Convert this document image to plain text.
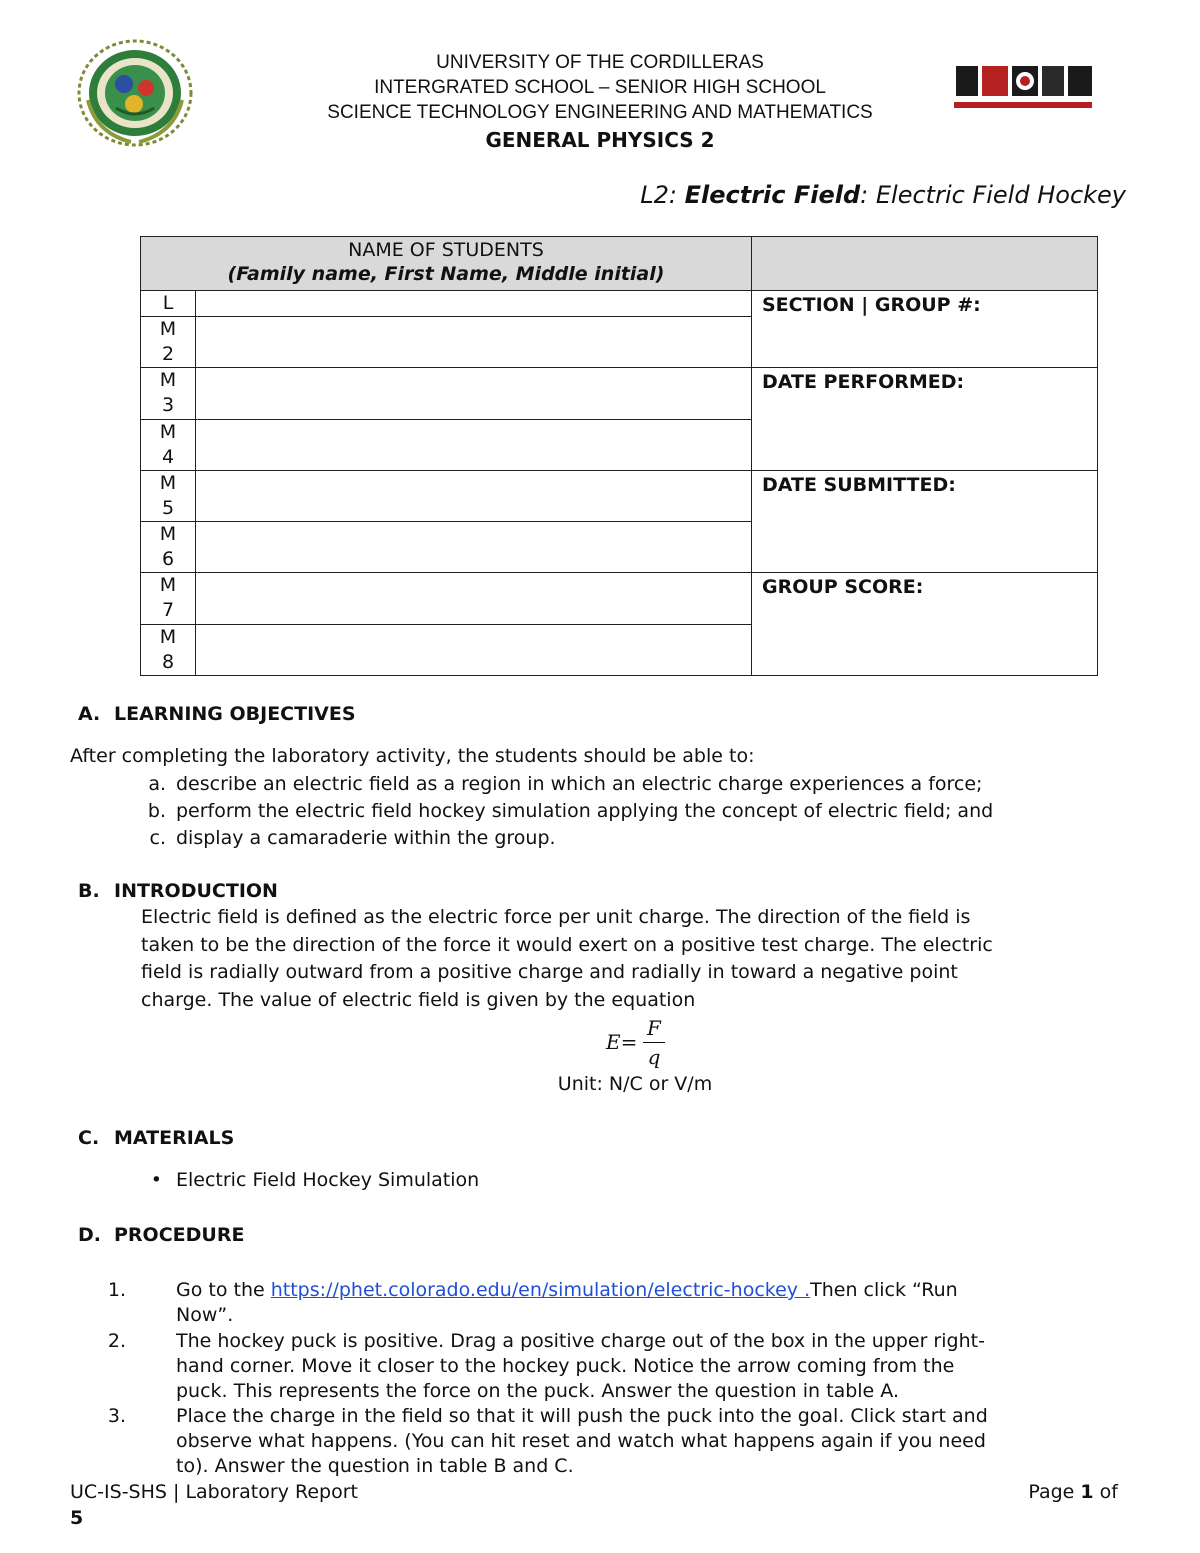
UNIVERSITY OF THE CORDILLERAS
INTERGRATED SCHOOL – SENIOR HIGH SCHOOL
SCIENCE TECHNOLOGY ENGINEERING AND MATHEMATICS
GENERAL PHYSICS 2
L2: Electric Field: Electric Field Hockey
NAME OF STUDENTS
(Family name, First Name, Middle initial)		

L		SECTION | GROUP #:

M
2		

M
3		DATE PERFORMED:

M
4		

M
5		DATE SUBMITTED:

M
6		

M
7		GROUP SCORE:

M
8		

A. LEARNING OBJECTIVES
After completing the laboratory activity, the students should be able to:
a. describe an electric field as a region in which an electric charge experiences a force;
b. perform the electric field hockey simulation applying the concept of electric field; and
c. display a camaraderie within the group.
B. INTRODUCTION
Electric field is defined as the electric force per unit charge. The direction of the field is
taken to be the direction of the force it would exert on a positive test charge. The electric
field is radially outward from a positive charge and radially in toward a negative point
charge. The value of electric field is given by the equation
E=
F
q
Unit: N/C or V/m
C. MATERIALS
• Electric Field Hockey Simulation
D. PROCEDURE
1.	Go to the https://phet.colorado.edu/en/simulation/electric-hockey .Then click “Run
Now”.
2.	The hockey puck is positive. Drag a positive charge out of the box in the upper right-
hand corner. Move it closer to the hockey puck. Notice the arrow coming from the
puck. This represents the force on the puck. Answer the question in table A.
3.	Place the charge in the field so that it will push the puck into the goal. Click start and
observe what happens. (You can hit reset and watch what happens again if you need
to). Answer the question in table B and C.
UC-IS-SHS | Laboratory Report	Page 1 of
5
